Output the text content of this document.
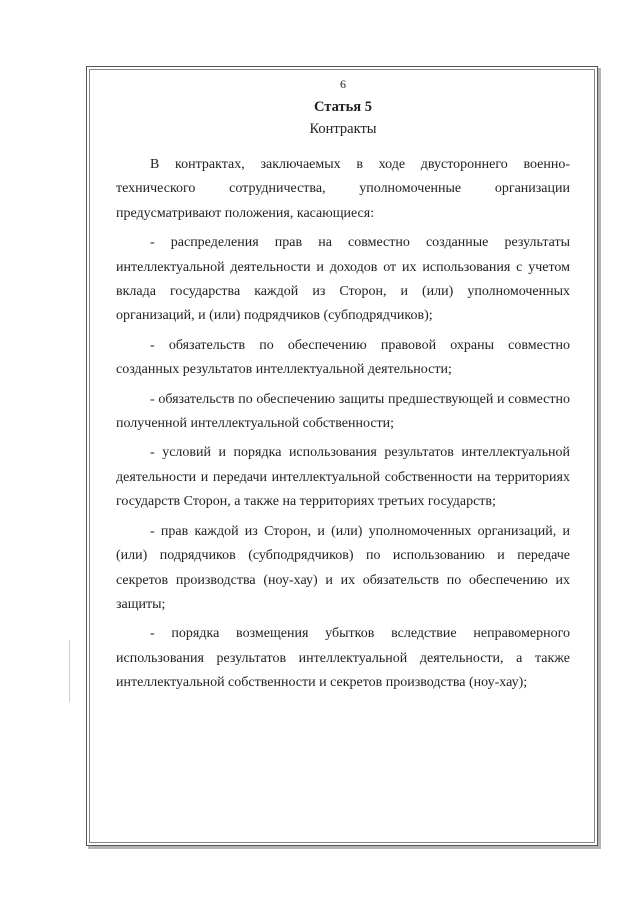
6
Статья 5
Контракты

В контрактах, заключаемых в ходе двустороннего военно-технического сотрудничества, уполномоченные организации предусматривают положения, касающиеся:

- распределения прав на совместно созданные результаты интеллектуальной деятельности и доходов от их использования с учетом вклада государства каждой из Сторон, и (или) уполномоченных организаций, и (или) подрядчиков (субподрядчиков);

- обязательств по обеспечению правовой охраны совместно созданных результатов интеллектуальной деятельности;

- обязательств по обеспечению защиты предшествующей и совместно полученной интеллектуальной собственности;

- условий и порядка использования результатов интеллектуальной деятельности и передачи интеллектуальной собственности на территориях государств Сторон, а также на территориях третьих государств;

- прав каждой из Сторон, и (или) уполномоченных организаций, и (или) подрядчиков (субподрядчиков) по использованию и передаче секретов производства (ноу-хау) и их обязательств по обеспечению их защиты;

- порядка возмещения убытков вследствие неправомерного использования результатов интеллектуальной деятельности, а также интеллектуальной собственности и секретов производства (ноу-хау);
